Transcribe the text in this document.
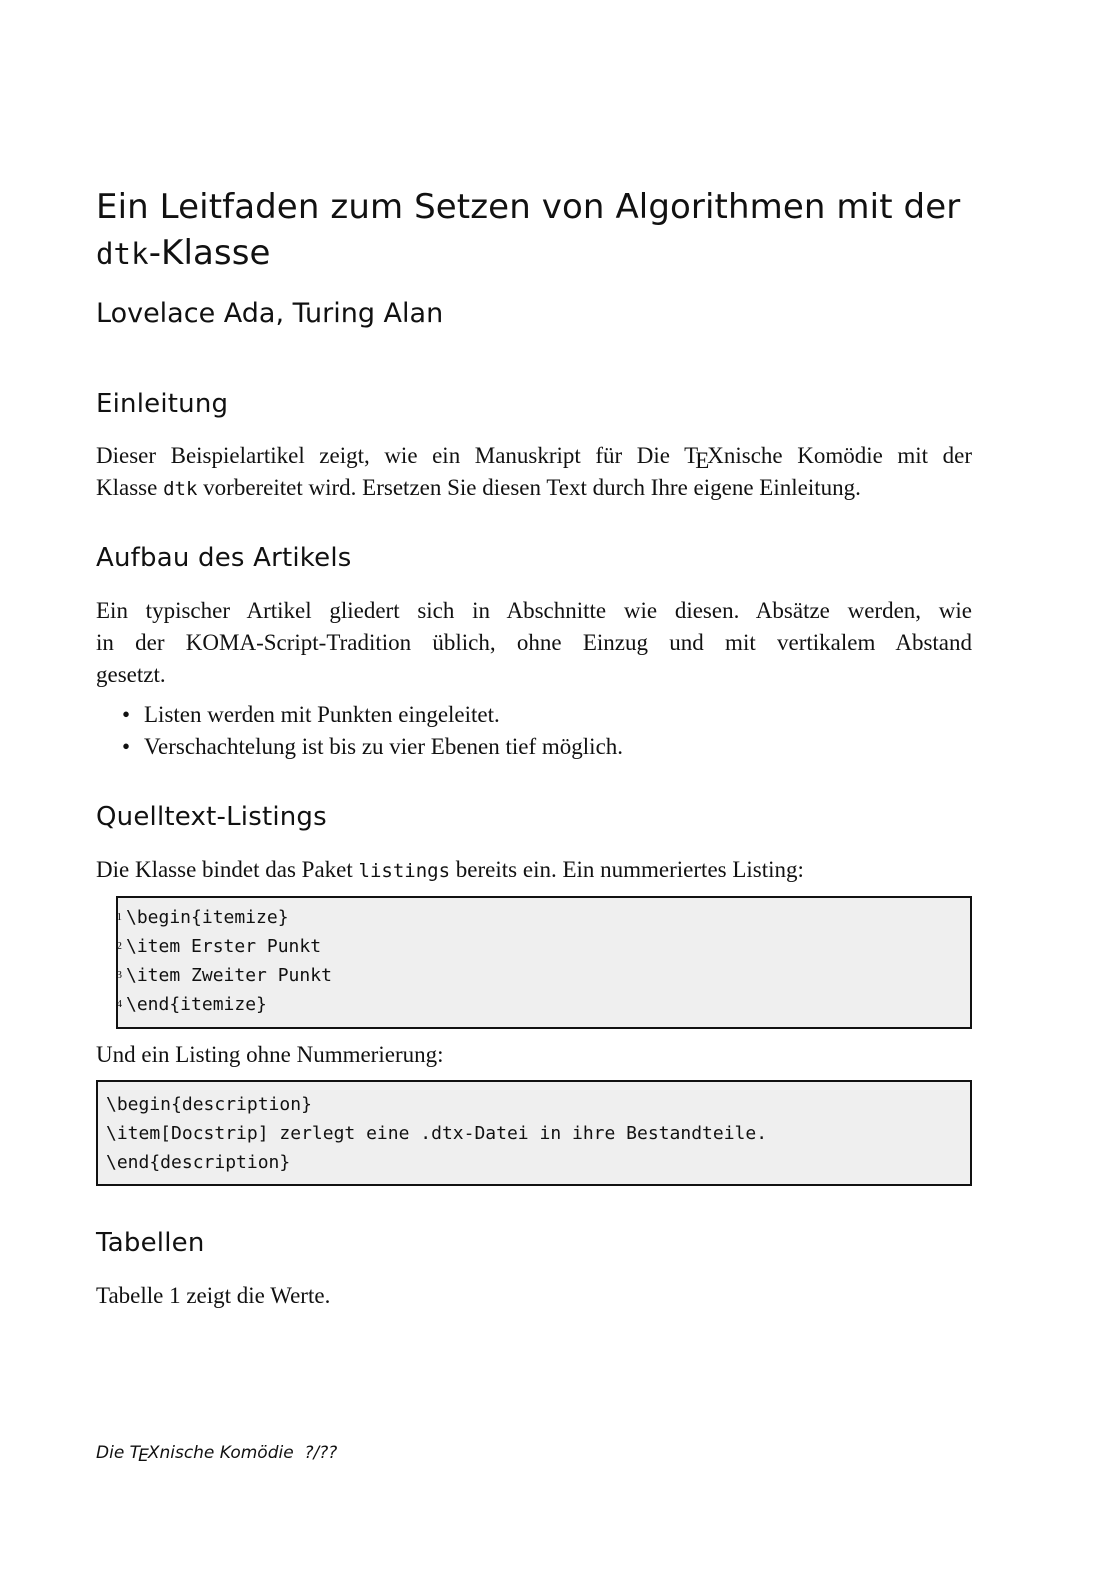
Ein Leitfaden zum Setzen von Algorithmen mit der
dtk-Klasse
Lovelace Ada, Turing Alan
Einleitung
Dieser Beispielartikel zeigt, wie ein Manuskript für Die TEXnische Komödie mit der
Klasse dtk vorbereitet wird. Ersetzen Sie diesen Text durch Ihre eigene Einleitung.
Aufbau des Artikels
Ein typischer Artikel gliedert sich in Abschnitte wie diesen. Absätze werden, wie
in der KOMA-Script-Tradition üblich, ohne Einzug und mit vertikalem Abstand
gesetzt.
• Listen werden mit Punkten eingeleitet.
• Verschachtelung ist bis zu vier Ebenen tief möglich.
Quelltext-Listings
Die Klasse bindet das Paket listings bereits ein. Ein nummeriertes Listing:
1 \begin{itemize}
2 \item Erster Punkt
3 \item Zweiter Punkt
4 \end{itemize}
Und ein Listing ohne Nummerierung:
\begin{description}
\item[Docstrip] zerlegt eine .dtx-Datei in ihre Bestandteile.
\end{description}
Tabellen
Tabelle 1 zeigt die Werte.
Die TEXnische Komödie ?/??
